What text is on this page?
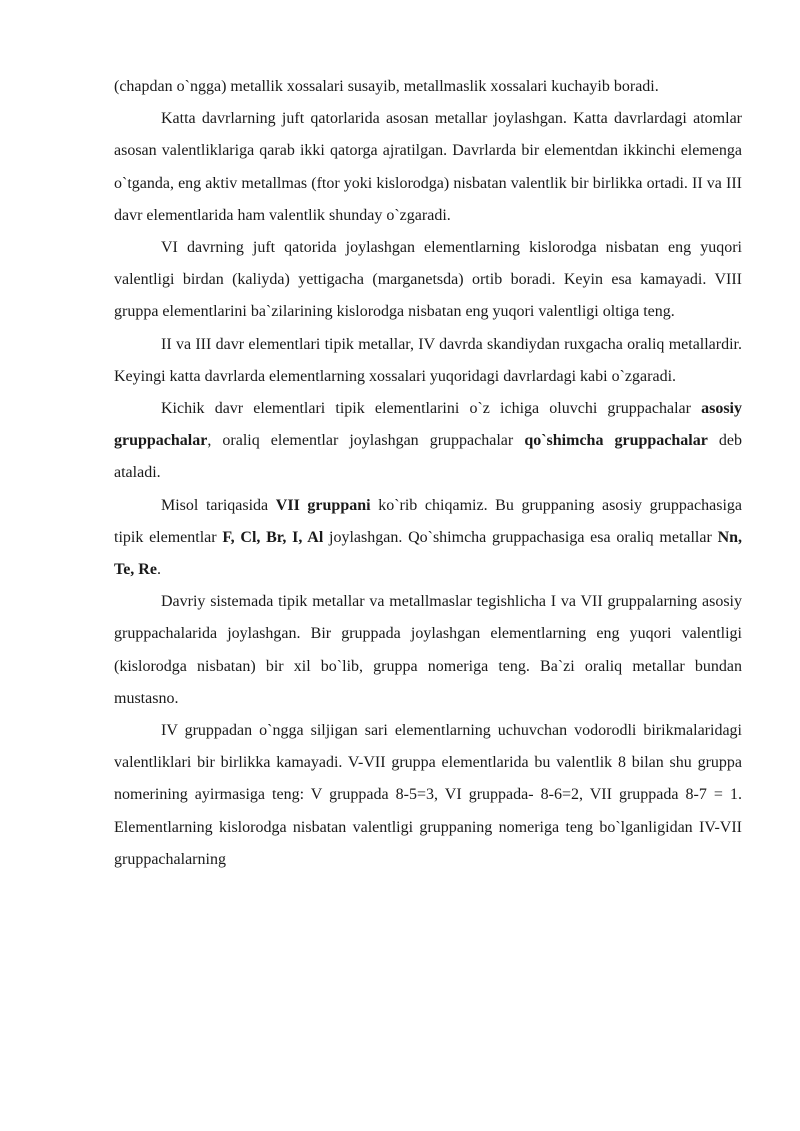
(chapdan o`ngga) metallik xossalari susayib, metallmaslik xossalari kuchayib boradi.

Katta davrlarning juft qatorlarida asosan metallar joylashgan. Katta davrlardagi atomlar asosan valentliklariga qarab ikki qatorga ajratilgan. Davrlarda bir elementdan ikkinchi elemenga o`tganda, eng aktiv metallmas (ftor yoki kislorodga) nisbatan valentlik bir birlikka ortadi. II va III davr elementlarida ham valentlik shunday o`zgaradi.

VI davrning juft qatorida joylashgan elementlarning kislorodga nisbatan eng yuqori valentligi birdan (kaliyda) yettigacha (marganetsda) ortib boradi. Keyin esa kamayadi. VIII gruppa elementlarini ba`zilarining kislorodga nisbatan eng yuqori valentligi oltiga teng.

II va III davr elementlari tipik metallar, IV davrda skandiydan ruxgacha oraliq metallardir. Keyingi katta davrlarda elementlarning xossalari yuqoridagi davrlardagi kabi o`zgaradi.

Kichik davr elementlari tipik elementlarini o`z ichiga oluvchi gruppachalar asosiy gruppachalar, oraliq elementlar joylashgan gruppachalar qo`shimcha gruppachalar deb ataladi.

Misol tariqasida VII gruppani ko`rib chiqamiz. Bu gruppaning asosiy gruppachasiga tipik elementlar F, Cl, Br, I, Al joylashgan. Qo`shimcha gruppachasiga esa oraliq metallar Nn, Te, Re.

Davriy sistemada tipik metallar va metallmaslar tegishlicha I va VII gruppalarning asosiy gruppachalarida joylashgan. Bir gruppada joylashgan elementlarning eng yuqori valentligi (kislorodga nisbatan) bir xil bo`lib, gruppa nomeriga teng. Ba`zi oraliq metallar bundan mustasno.

IV gruppadan o`ngga siljigan sari elementlarning uchuvchan vodorodli birikmalaridagi valentliklari bir birlikka kamayadi. V-VII gruppa elementlarida bu valentlik 8 bilan shu gruppa nomerining ayirmasiga teng: V gruppada 8-5=3, VI gruppada- 8-6=2, VII gruppada 8-7 = 1. Elementlarning kislorodga nisbatan valentligi gruppaning nomeriga teng bo`lganligidan IV-VII gruppachalarning
